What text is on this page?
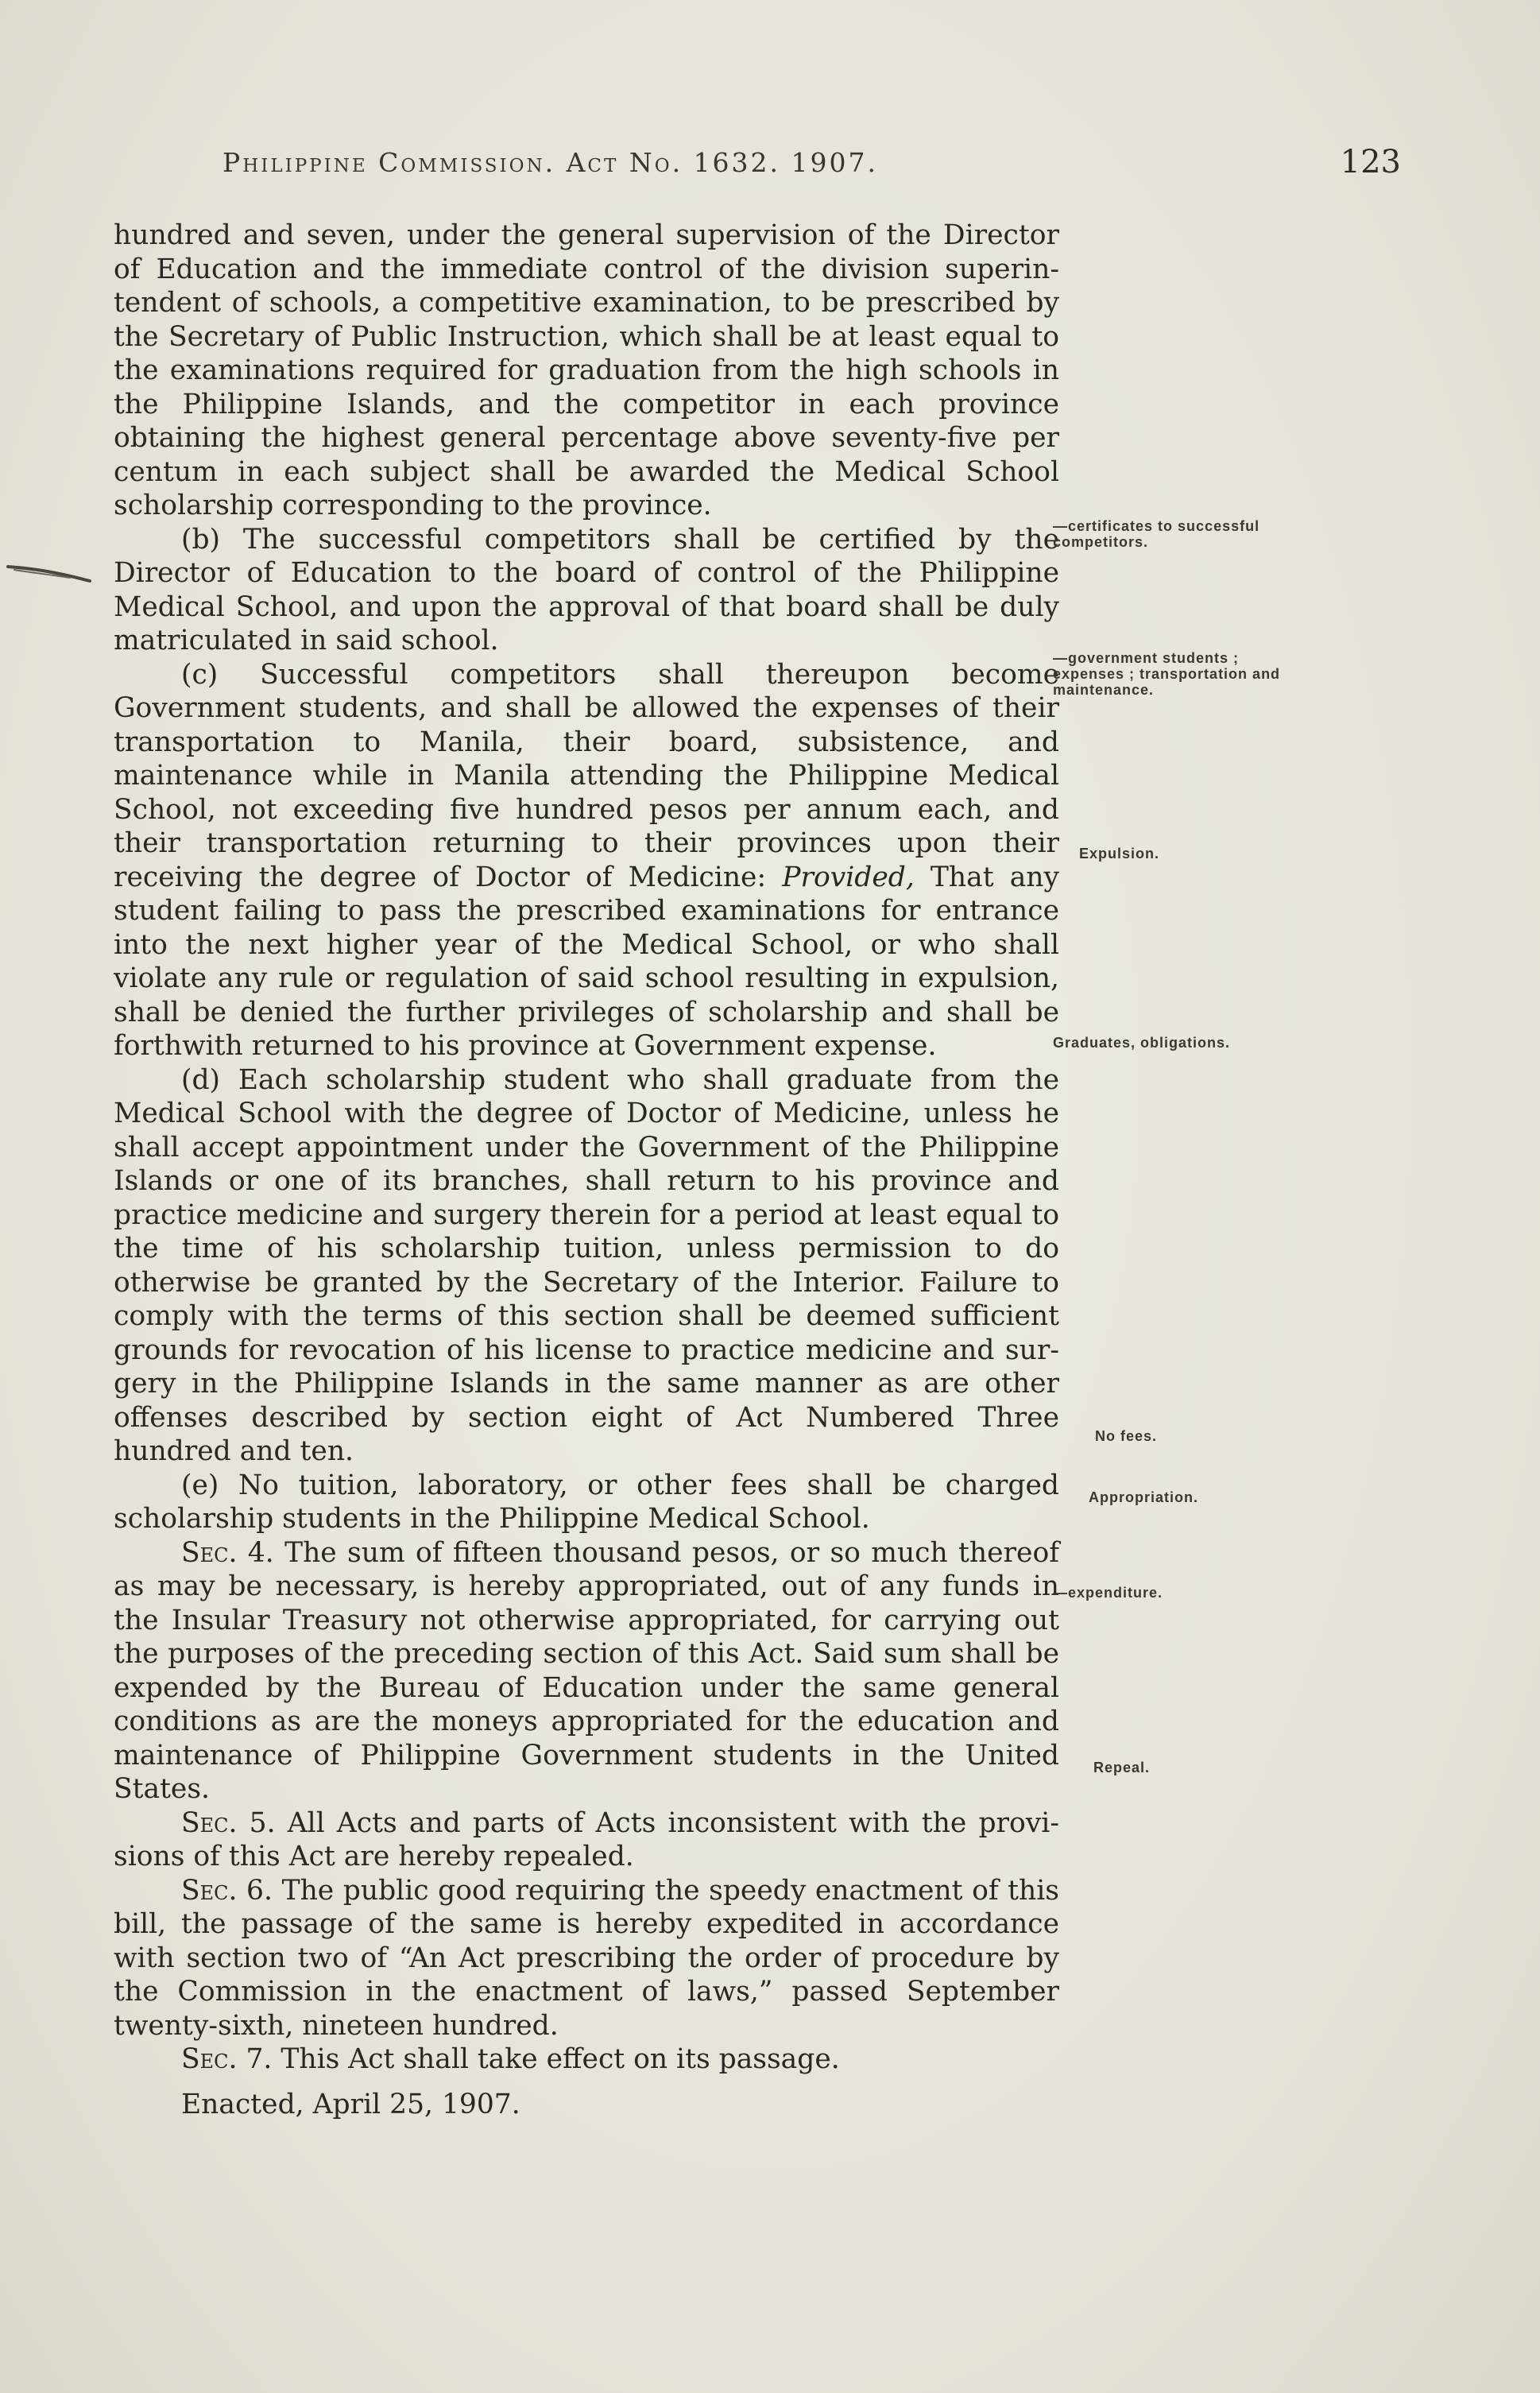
Philippine Commission. Act No. 1632. 1907.	123

hundred and seven, under the general supervision of the Director of Education and the immediate control of the division superintendent of schools, a competitive examination, to be prescribed by the Secretary of Public Instruction, which shall be at least equal to the examinations required for graduation from the high schools in the Philippine Islands, and the competitor in each province obtaining the highest general percentage above seventy-five per centum in each subject shall be awarded the Medical School scholarship corresponding to the province.

(b) The successful competitors shall be certified by the Director of Education to the board of control of the Philippine Medical School, and upon the approval of that board shall be duly matriculated in said school.

(c) Successful competitors shall thereupon become Government students, and shall be allowed the expenses of their transportation to Manila, their board, subsistence, and maintenance while in Manila attending the Philippine Medical School, not exceeding five hundred pesos per annum each, and their transportation returning to their provinces upon their receiving the degree of Doctor of Medicine: Provided, That any student failing to pass the prescribed examinations for entrance into the next higher year of the Medical School, or who shall violate any rule or regulation of said school resulting in expulsion, shall be denied the further privileges of scholarship and shall be forthwith returned to his province at Government expense.

(d) Each scholarship student who shall graduate from the Medical School with the degree of Doctor of Medicine, unless he shall accept appointment under the Government of the Philippine Islands or one of its branches, shall return to his province and practice medicine and surgery therein for a period at least equal to the time of his scholarship tuition, unless permission to do otherwise be granted by the Secretary of the Interior. Failure to comply with the terms of this section shall be deemed sufficient grounds for revocation of his license to practice medicine and surgery in the Philippine Islands in the same manner as are other offenses described by section eight of Act Numbered Three hundred and ten.

(e) No tuition, laboratory, or other fees shall be charged scholarship students in the Philippine Medical School.

Sec. 4. The sum of fifteen thousand pesos, or so much thereof as may be necessary, is hereby appropriated, out of any funds in the Insular Treasury not otherwise appropriated, for carrying out the purposes of the preceding section of this Act. Said sum shall be expended by the Bureau of Education under the same general conditions as are the moneys appropriated for the education and maintenance of Philippine Government students in the United States.

Sec. 5. All Acts and parts of Acts inconsistent with the provisions of this Act are hereby repealed.

Sec. 6. The public good requiring the speedy enactment of this bill, the passage of the same is hereby expedited in accordance with section two of “An Act prescribing the order of procedure by the Commission in the enactment of laws,” passed September twenty-sixth, nineteen hundred.

Sec. 7. This Act shall take effect on its passage.

Enacted, April 25, 1907.

—certificates to successful competitors.
—government students ; expenses ; transportation and maintenance.
Expulsion.
Graduates, obligations.
No fees.
Appropriation.
—expenditure.
Repeal.
